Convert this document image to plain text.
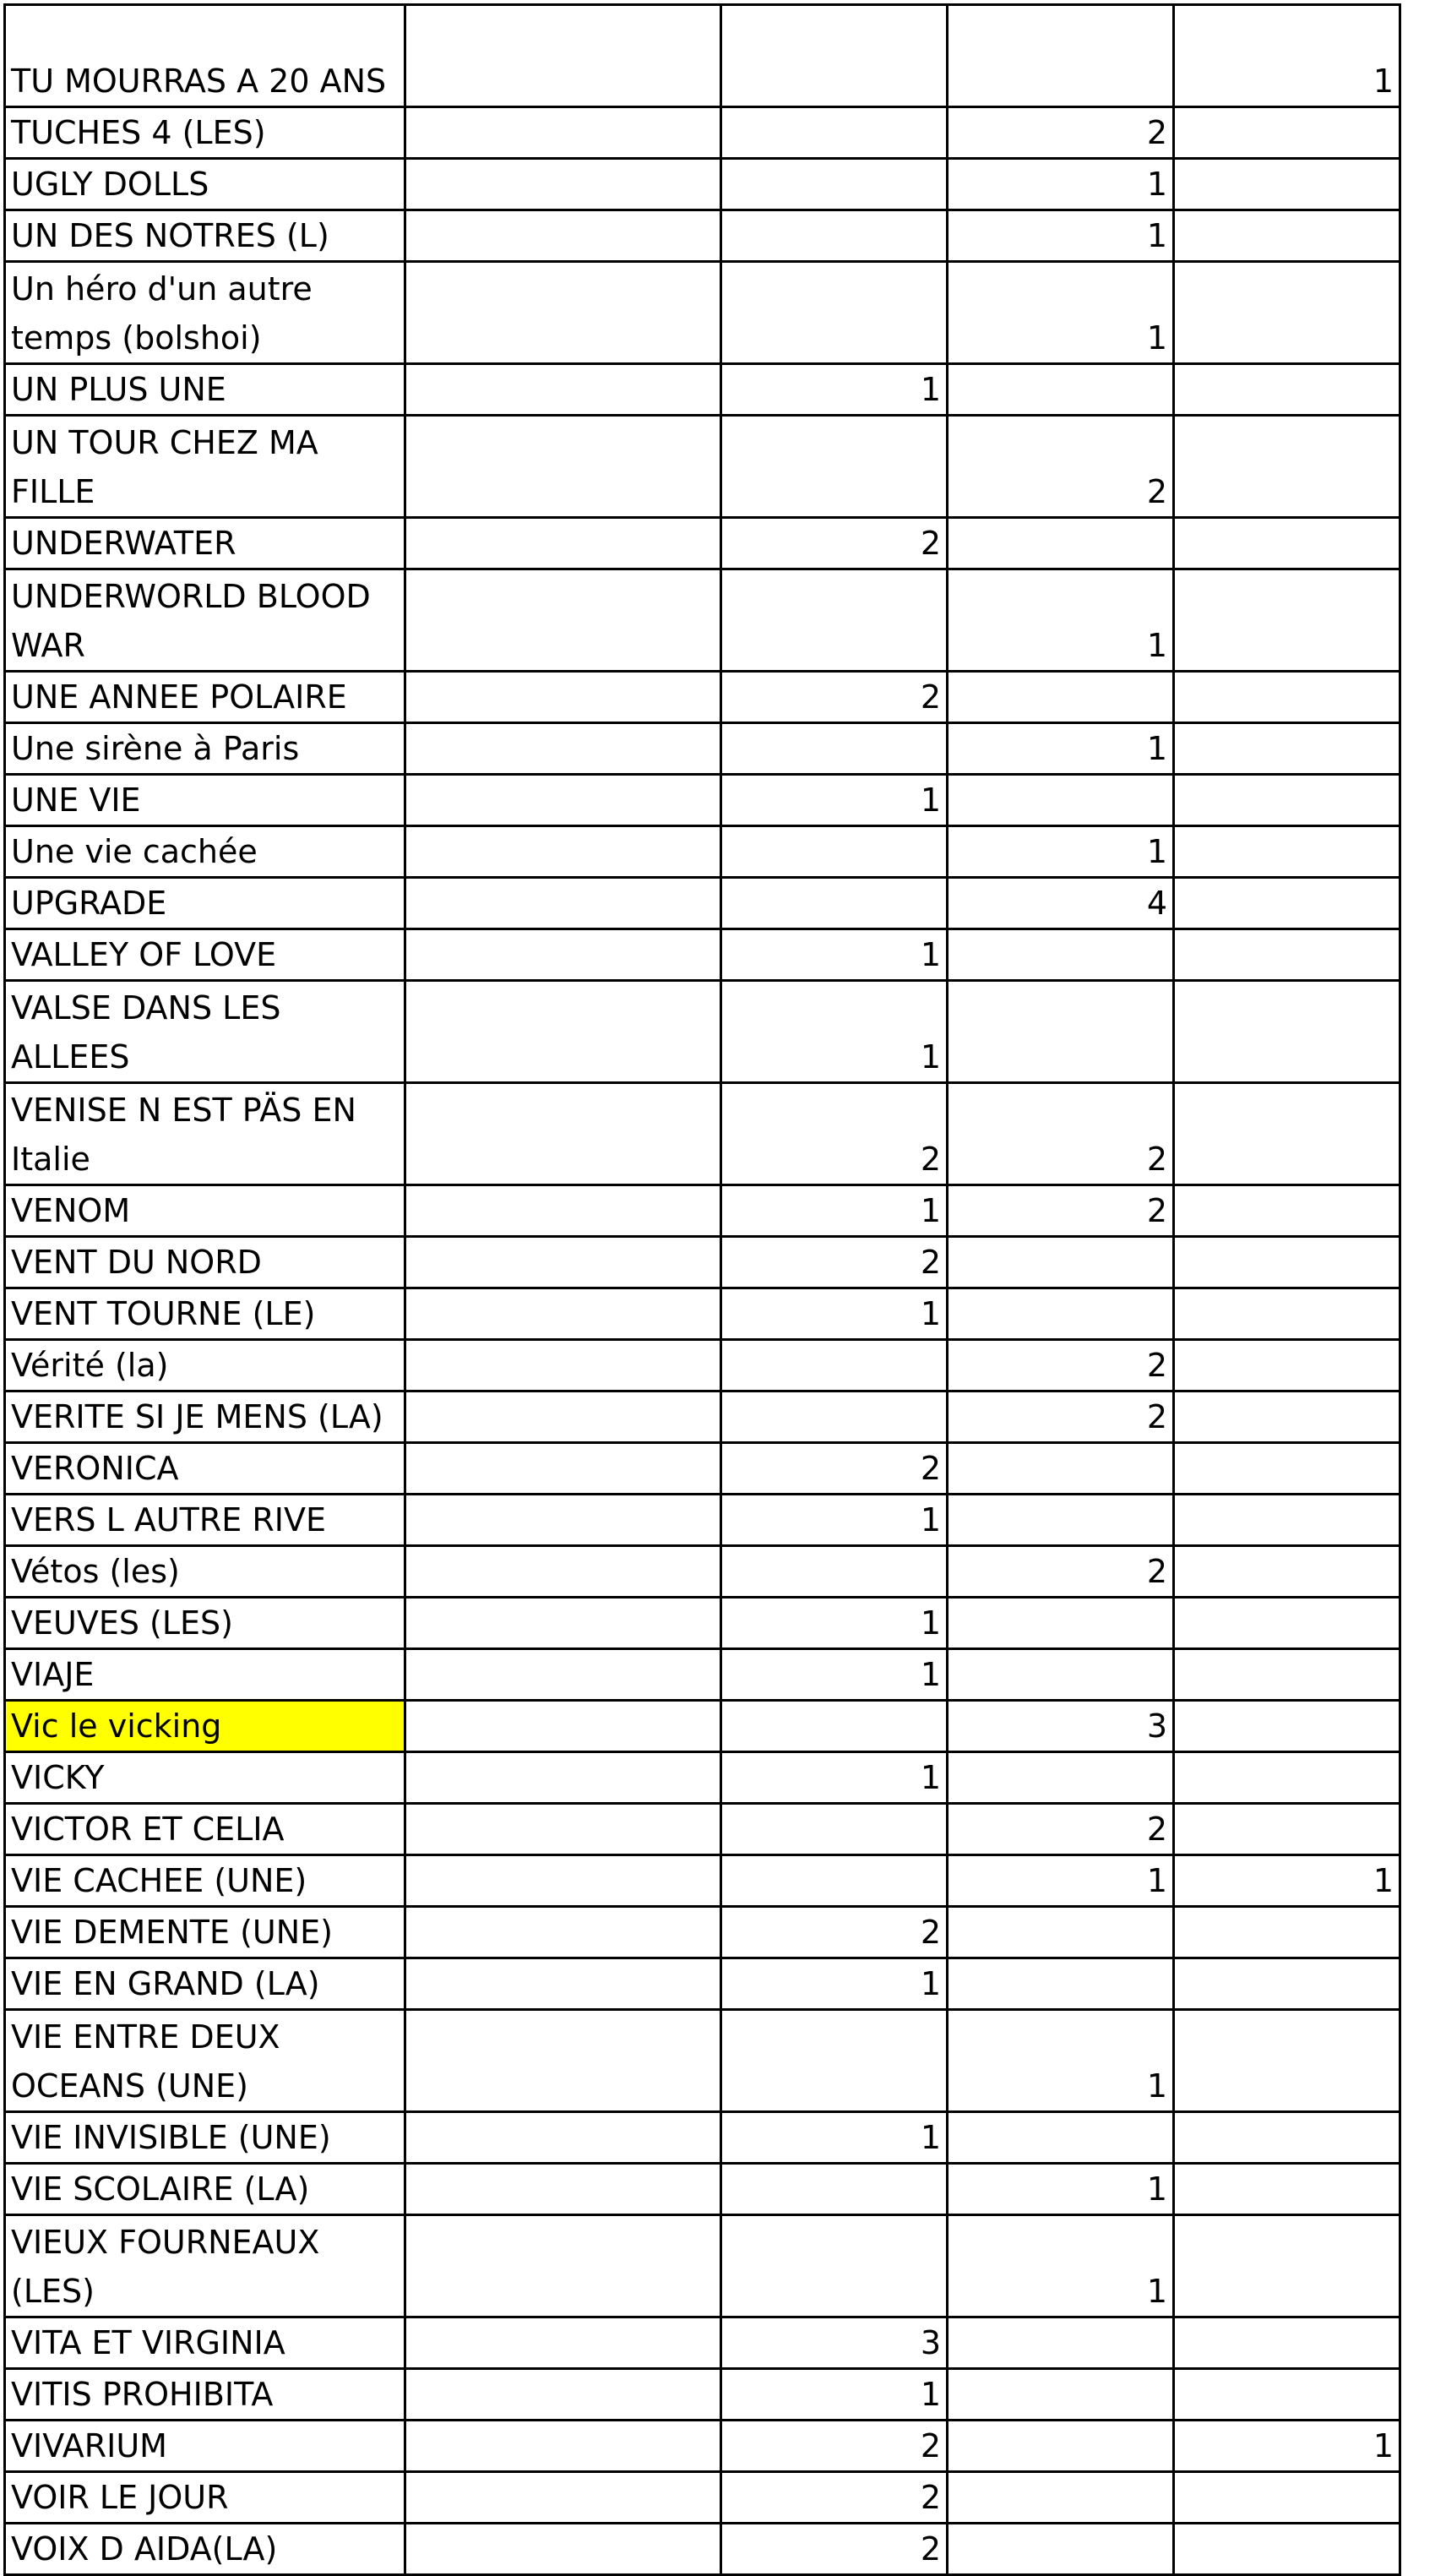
TU MOURRAS A 20 ANS				1
TUCHES 4 (LES)			2	
UGLY DOLLS			1	
UN DES NOTRES (L)			1	
Un héro d'un autre temps (bolshoi)			1	
UN PLUS UNE		1		
UN TOUR CHEZ MA FILLE			2	
UNDERWATER		2		
UNDERWORLD BLOOD WAR			1	
UNE ANNEE POLAIRE		2		
Une sirène à Paris			1	
UNE VIE		1		
Une vie cachée			1	
UPGRADE			4	
VALLEY OF LOVE		1		
VALSE DANS LES ALLEES		1		
VENISE N EST PÄS EN Italie		2	2	
VENOM		1	2	
VENT DU NORD		2		
VENT TOURNE (LE)		1		
Vérité (la)			2	
VERITE SI JE MENS (LA)			2	
VERONICA		2		
VERS L AUTRE RIVE		1		
Vétos (les)			2	
VEUVES (LES)		1		
VIAJE		1		
Vic le vicking			3	
VICKY		1		
VICTOR ET CELIA			2	
VIE CACHEE (UNE)			1	1
VIE DEMENTE (UNE)		2		
VIE EN GRAND (LA)		1		
VIE ENTRE DEUX OCEANS (UNE)			1	
VIE INVISIBLE (UNE)		1		
VIE SCOLAIRE (LA)			1	
VIEUX FOURNEAUX (LES)			1	
VITA ET VIRGINIA		3		
VITIS PROHIBITA		1		
VIVARIUM		2		1
VOIR LE JOUR		2		
VOIX D AIDA(LA)		2		
